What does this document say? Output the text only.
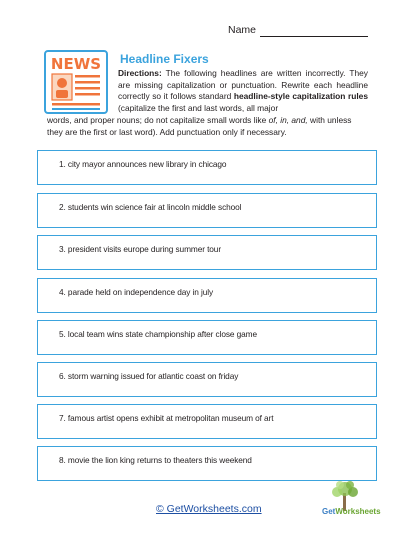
Name
NEWS Headline Fixers
Directions: The following headlines are written incorrectly. They are missing capitalization or punctuation. Rewrite each headline correctly so it follows standard headline-style capitalization rules (capitalize the first and last words, all major
words, and proper nouns; do not capitalize small words like of, in, and, with unless they are the first or last word). Add punctuation only if necessary.
1. city mayor announces new library in chicago
2. students win science fair at lincoln middle school
3. president visits europe during summer tour
4. parade held on independence day in july
5. local team wins state championship after close game
6. storm warning issued for atlantic coast on friday
7. famous artist opens exhibit at metropolitan museum of art
8. movie the lion king returns to theaters this weekend
© GetWorksheets.com	GetWorksheets
